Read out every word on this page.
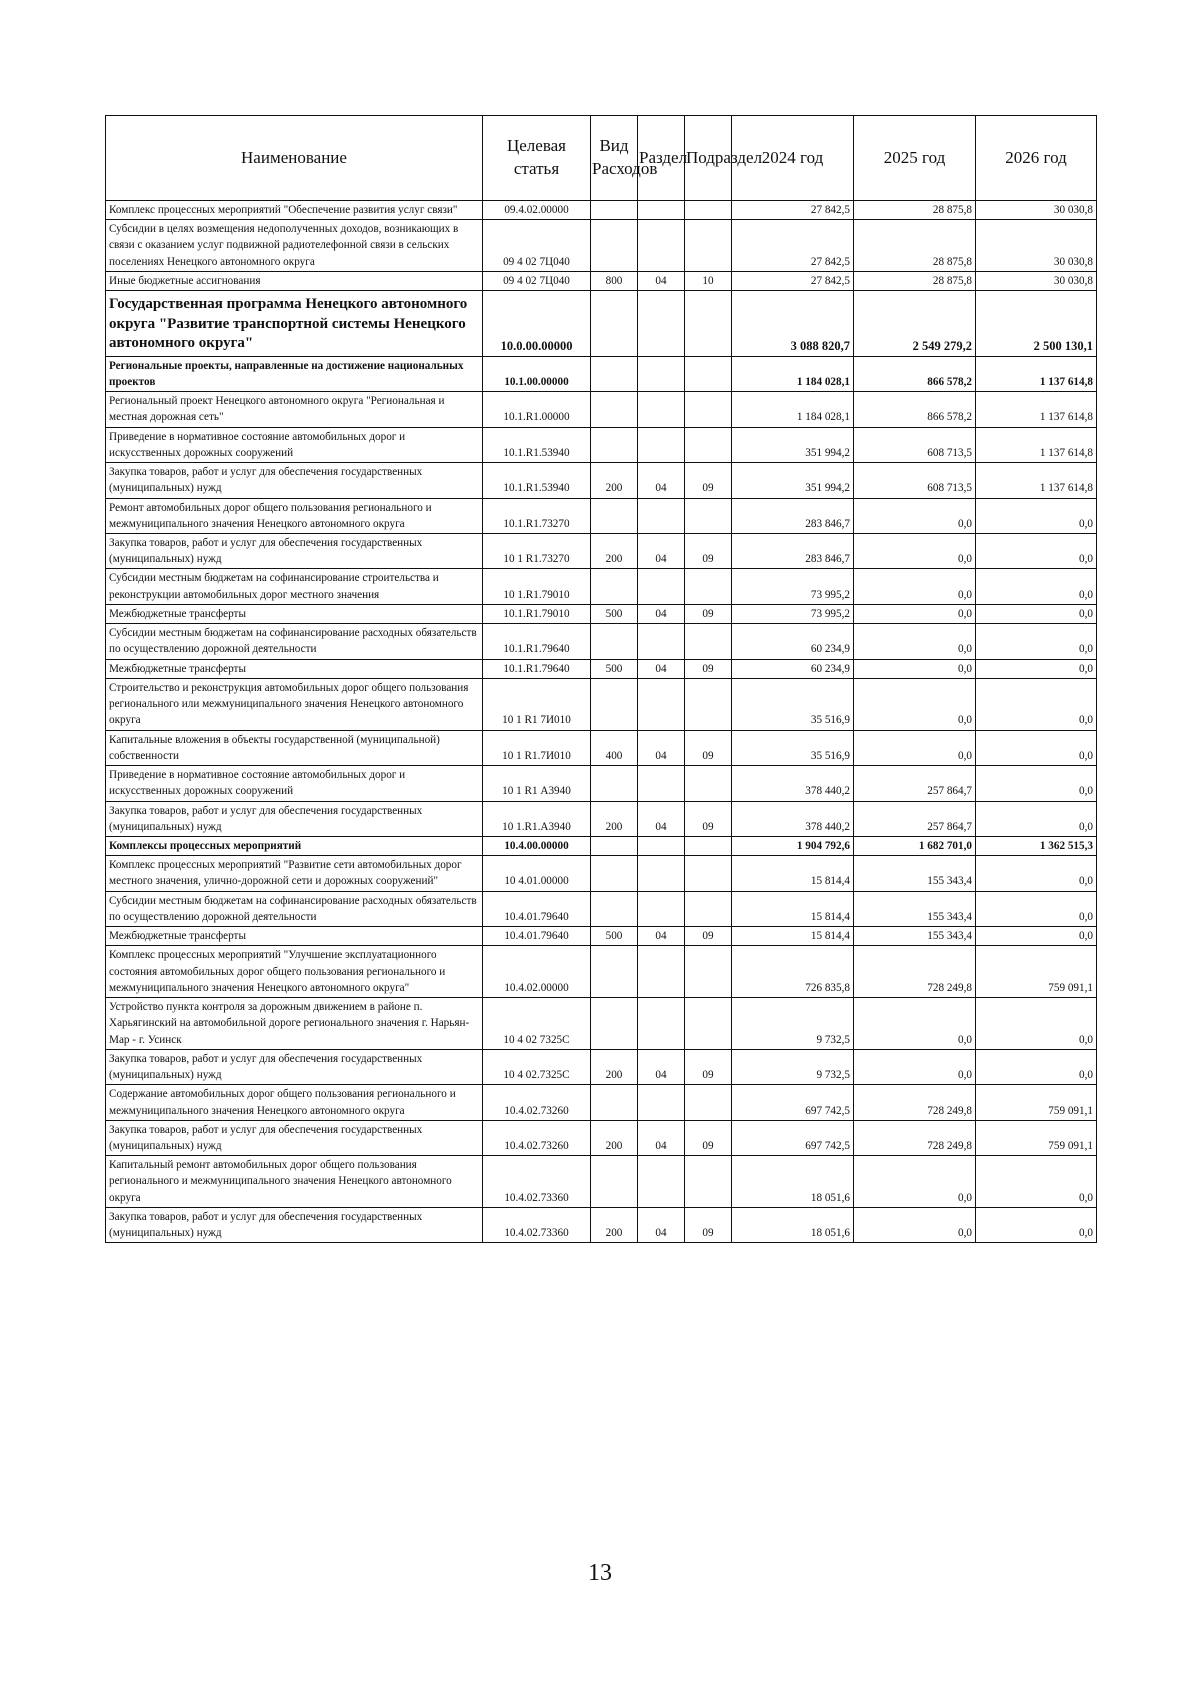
Наименование	Целевая статья	Вид Расходов	Раздел	Подраздел	2024 год	2025 год	2026 год
Комплекс процессных мероприятий "Обеспечение развития услуг связи"	09.4.02.00000				27 842,5	28 875,8	30 030,8
Субсидии в целях возмещения недополученных доходов, возникающих в связи с оказанием услуг подвижной радиотелефонной связи в сельских поселениях Ненецкого автономного округа	09 4 02 7Ц040				27 842,5	28 875,8	30 030,8
Иные бюджетные ассигнования	09 4 02 7Ц040	800	04	10	27 842,5	28 875,8	30 030,8
Государственная программа Ненецкого автономного округа "Развитие транспортной системы Ненецкого автономного округа"	10.0.00.00000				3 088 820,7	2 549 279,2	2 500 130,1
Региональные проекты, направленные на достижение национальных проектов	10.1.00.00000				1 184 028,1	866 578,2	1 137 614,8
Региональный проект Ненецкого автономного округа "Региональная и местная дорожная сеть"	10.1.R1.00000				1 184 028,1	866 578,2	1 137 614,8
Приведение в нормативное состояние автомобильных дорог и искусственных дорожных сооружений	10.1.R1.53940				351 994,2	608 713,5	1 137 614,8
Закупка товаров, работ и услуг для обеспечения государственных (муниципальных) нужд	10.1.R1.53940	200	04	09	351 994,2	608 713,5	1 137 614,8
Ремонт автомобильных дорог общего пользования регионального и межмуниципального значения Ненецкого автономного округа	10.1.R1.73270				283 846,7	0,0	0,0
Закупка товаров, работ и услуг для обеспечения государственных (муниципальных) нужд	10 1 R1.73270	200	04	09	283 846,7	0,0	0,0
Субсидии местным бюджетам на софинансирование строительства и реконструкции автомобильных дорог местного значения	10 1.R1.79010				73 995,2	0,0	0,0
Межбюджетные трансферты	10.1.R1.79010	500	04	09	73 995,2	0,0	0,0
Субсидии местным бюджетам на софинансирование расходных обязательств по осуществлению дорожной деятельности	10.1.R1.79640				60 234,9	0,0	0,0
Межбюджетные трансферты	10.1.R1.79640	500	04	09	60 234,9	0,0	0,0
Строительство и реконструкция автомобильных дорог общего пользования регионального или межмуниципального значения Ненецкого автономного округа	10 1 R1 7И010				35 516,9	0,0	0,0
Капитальные вложения в объекты государственной (муниципальной) собственности	10 1 R1.7И010	400	04	09	35 516,9	0,0	0,0
Приведение в нормативное состояние автомобильных дорог и искусственных дорожных сооружений	10 1 R1 А3940				378 440,2	257 864,7	0,0
Закупка товаров, работ и услуг для обеспечения государственных (муниципальных) нужд	10 1.R1.А3940	200	04	09	378 440,2	257 864,7	0,0
Комплексы процессных мероприятий	10.4.00.00000				1 904 792,6	1 682 701,0	1 362 515,3
Комплекс процессных мероприятий "Развитие сети автомобильных дорог местного значения, улично-дорожной сети и дорожных сооружений"	10 4.01.00000				15 814,4	155 343,4	0,0
Субсидии местным бюджетам на софинансирование расходных обязательств по осуществлению дорожной деятельности	10.4.01.79640				15 814,4	155 343,4	0,0
Межбюджетные трансферты	10.4.01.79640	500	04	09	15 814,4	155 343,4	0,0
Комплекс процессных мероприятий "Улучшение эксплуатационного состояния автомобильных дорог общего пользования регионального и межмуниципального значения Ненецкого автономного округа"	10.4.02.00000				726 835,8	728 249,8	759 091,1
Устройство пункта контроля за дорожным движением в районе п. Харьягинский на автомобильной дороге регионального значения г. Нарьян-Мар - г. Усинск	10 4 02 7325С				9 732,5	0,0	0,0
Закупка товаров, работ и услуг для обеспечения государственных (муниципальных) нужд	10 4 02.7325С	200	04	09	9 732,5	0,0	0,0
Содержание автомобильных дорог общего пользования регионального и межмуниципального значения Ненецкого автономного округа	10.4.02.73260				697 742,5	728 249,8	759 091,1
Закупка товаров, работ и услуг для обеспечения государственных (муниципальных) нужд	10.4.02.73260	200	04	09	697 742,5	728 249,8	759 091,1
Капитальный ремонт автомобильных дорог общего пользования регионального и межмуниципального значения Ненецкого автономного округа	10.4.02.73360				18 051,6	0,0	0,0
Закупка товаров, работ и услуг для обеспечения государственных (муниципальных) нужд	10.4.02.73360	200	04	09	18 051,6	0,0	0,0
13
